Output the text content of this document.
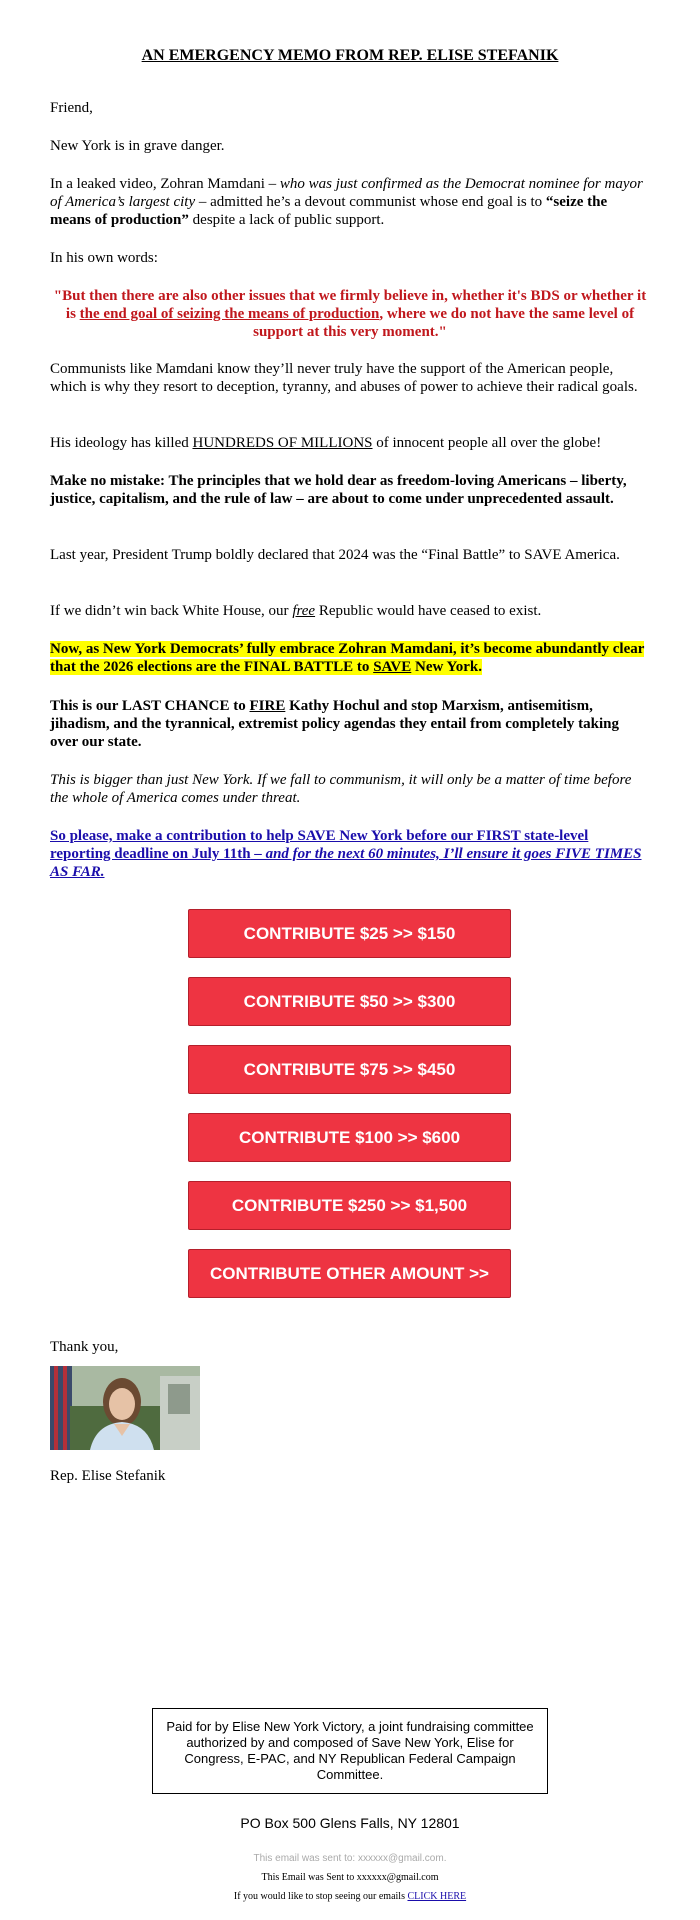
AN EMERGENCY MEMO FROM REP. ELISE STEFANIK

Friend,

New York is in grave danger.

In a leaked video, Zohran Mamdani – who was just confirmed as the Democrat nominee for mayor of America’s largest city – admitted he’s a devout communist whose end goal is to “seize the means of production” despite a lack of public support.

In his own words:

"But then there are also other issues that we firmly believe in, whether it's BDS or whether it is the end goal of seizing the means of production, where we do not have the same level of support at this very moment."

Communists like Mamdani know they’ll never truly have the support of the American people, which is why they resort to deception, tyranny, and abuses of power to achieve their radical goals.

His ideology has killed HUNDREDS OF MILLIONS of innocent people all over the globe!

Make no mistake: The principles that we hold dear as freedom-loving Americans – liberty, justice, capitalism, and the rule of law – are about to come under unprecedented assault.

Last year, President Trump boldly declared that 2024 was the “Final Battle” to SAVE America.

If we didn’t win back White House, our free Republic would have ceased to exist.

Now, as New York Democrats’ fully embrace Zohran Mamdani, it’s become abundantly clear that the 2026 elections are the FINAL BATTLE to SAVE New York.

This is our LAST CHANCE to FIRE Kathy Hochul and stop Marxism, antisemitism, jihadism, and the tyrannical, extremist policy agendas they entail from completely taking over our state.

This is bigger than just New York. If we fall to communism, it will only be a matter of time before the whole of America comes under threat.

So please, make a contribution to help SAVE New York before our FIRST state-level reporting deadline on July 11th – and for the next 60 minutes, I’ll ensure it goes FIVE TIMES AS FAR.

CONTRIBUTE $25 >> $150
CONTRIBUTE $50 >> $300
CONTRIBUTE $75 >> $450
CONTRIBUTE $100 >> $600
CONTRIBUTE $250 >> $1,500
CONTRIBUTE OTHER AMOUNT >>

Thank you,

Rep. Elise Stefanik

Paid for by Elise New York Victory, a joint fundraising committee authorized by and composed of Save New York, Elise for Congress, E-PAC, and NY Republican Federal Campaign Committee.
PO Box 500 Glens Falls, NY 12801
This email was sent to: xxxxxx@gmail.com.
This Email was Sent to xxxxxx@gmail.com
If you would like to stop seeing our emails CLICK HERE
